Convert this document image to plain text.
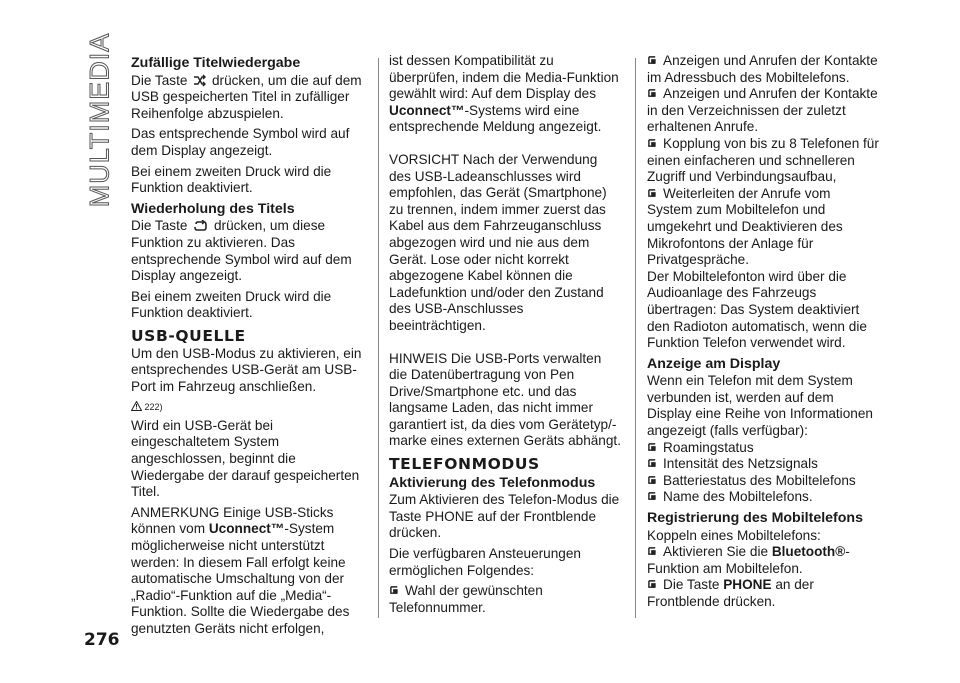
MULTIMEDIA Zufällige Titelwiedergabe

Die Taste drücken, um die auf dem USB gespeicherten Titel in zufälliger Reihenfolge abzuspielen.

Das entsprechende Symbol wird auf dem Display angezeigt.

Bei einem zweiten Druck wird die Funktion deaktiviert.

Wiederholung des Titels

Die Taste drücken, um diese Funktion zu aktivieren. Das entsprechende Symbol wird auf dem Display angezeigt.

Bei einem zweiten Druck wird die Funktion deaktiviert.

USB-QUELLE

Um den USB-Modus zu aktivieren, ein entsprechendes USB-Gerät am USB-Port im Fahrzeug anschließen.

222)

Wird ein USB-Gerät bei eingeschaltetem System angeschlossen, beginnt die Wiedergabe der darauf gespeicherten Titel.

ANMERKUNG Einige USB-Sticks können vom Uconnect™-System möglicherweise nicht unterstützt werden: In diesem Fall erfolgt keine automatische Umschaltung von der „Radio“-Funktion auf die „Media“-Funktion. Sollte die Wiedergabe des genutzten Geräts nicht erfolgen,

ist dessen Kompatibilität zu überprüfen, indem die Media-Funktion gewählt wird: Auf dem Display des Uconnect™-Systems wird eine entsprechende Meldung angezeigt.

VORSICHT Nach der Verwendung des USB-Ladeanschlusses wird empfohlen, das Gerät (Smartphone) zu trennen, indem immer zuerst das Kabel aus dem Fahrzeuganschluss abgezogen wird und nie aus dem Gerät. Lose oder nicht korrekt abgezogene Kabel können die Ladefunktion und/oder den Zustand des USB-Anschlusses beeinträchtigen.

HINWEIS Die USB-Ports verwalten die Datenübertragung von Pen Drive/Smartphone etc. und das langsame Laden, das nicht immer garantiert ist, da dies vom Gerätetyp/-marke eines externen Geräts abhängt.

TELEFONMODUS
Aktivierung des Telefonmodus

Zum Aktivieren des Telefon-Modus die Taste PHONE auf der Frontblende drücken.

Die verfügbaren Ansteuerungen ermöglichen Folgendes:

Wahl der gewünschten Telefonnummer.

Anzeigen und Anrufen der Kontakte im Adressbuch des Mobiltelefons.
Anzeigen und Anrufen der Kontakte in den Verzeichnissen der zuletzt erhaltenen Anrufe.
Kopplung von bis zu 8 Telefonen für einen einfacheren und schnelleren Zugriff und Verbindungsaufbau,
Weiterleiten der Anrufe vom System zum Mobiltelefon und umgekehrt und Deaktivieren des Mikrofontons der Anlage für Privatgespräche.

Der Mobiltelefonton wird über die Audioanlage des Fahrzeugs übertragen: Das System deaktiviert den Radioton automatisch, wenn die Funktion Telefon verwendet wird.

Anzeige am Display

Wenn ein Telefon mit dem System verbunden ist, werden auf dem Display eine Reihe von Informationen angezeigt (falls verfügbar):

Roamingstatus
Intensität des Netzsignals
Batteriestatus des Mobiltelefons
Name des Mobiltelefons.
Registrierung des Mobiltelefons

Koppeln eines Mobiltelefons:

Aktivieren Sie die Bluetooth®-Funktion am Mobiltelefon.
Die Taste PHONE an der Frontblende drücken.
276
